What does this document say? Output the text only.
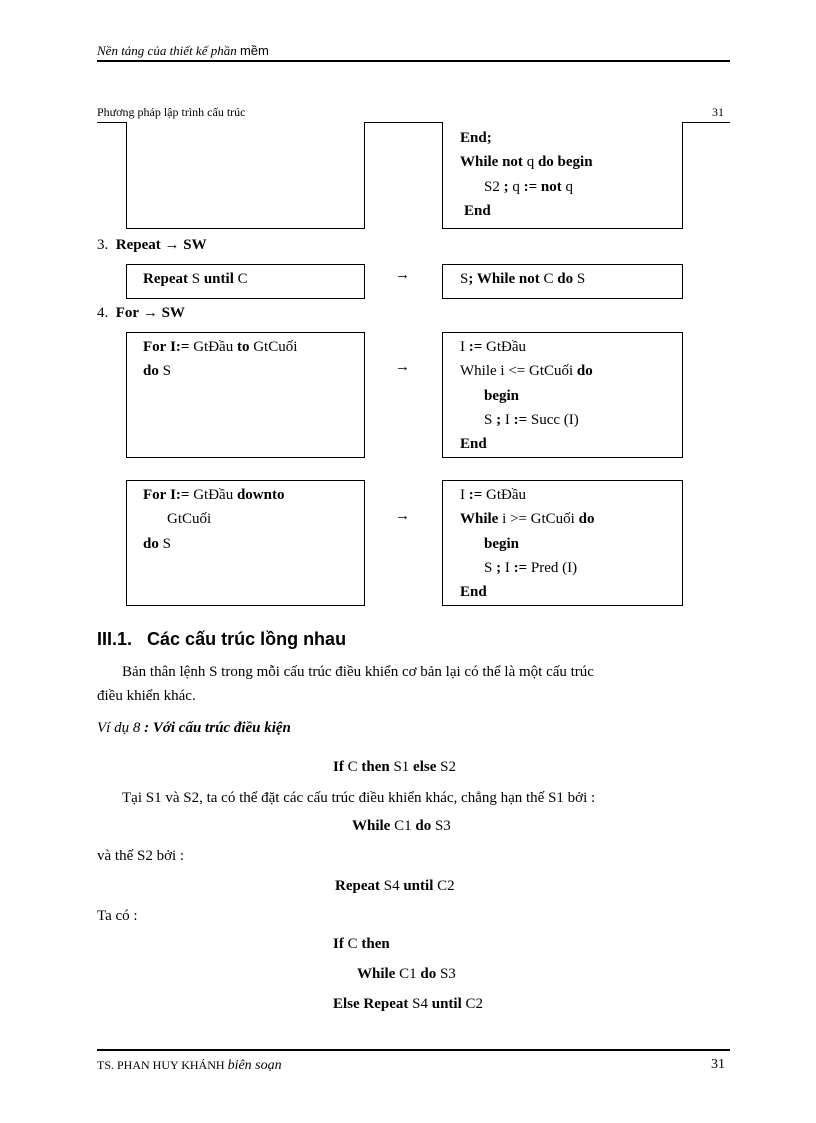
Nền tảng của thiết kế phần mềm
Phương pháp lập trình cấu trúc	31
End;
While not q do begin
S2 ; q := not q
End
3. Repeat → SW
Repeat S until C	→	S; While not C do S
4. For → SW
For I:= GtĐầu to GtCuối
do S	→
I := GtĐầu
While i <= GtCuối do
begin
S ; I := Succ (I)
End
For I:= GtĐầu downto
GtCuối
do S
→
I := GtĐầu
While i >= GtCuối do
begin
S ; I := Pred (I)
End
III.1. Các cấu trúc lồng nhau
Bản thân lệnh S trong mỗi cấu trúc điều khiển cơ bản lại có thể là một cấu trúc
điều khiển khác.
Ví dụ 8 : Với cấu trúc điều kiện
If C then S1 else S2
Tại S1 và S2, ta có thể đặt các cấu trúc điều khiển khác, chẳng hạn thế S1 bởi :
While C1 do S3
và thế S2 bởi :
Repeat S4 until C2
Ta có :
If C then
While C1 do S3
Else Repeat S4 until C2
TS. PHAN HUY KHÁNH biên soạn	31
